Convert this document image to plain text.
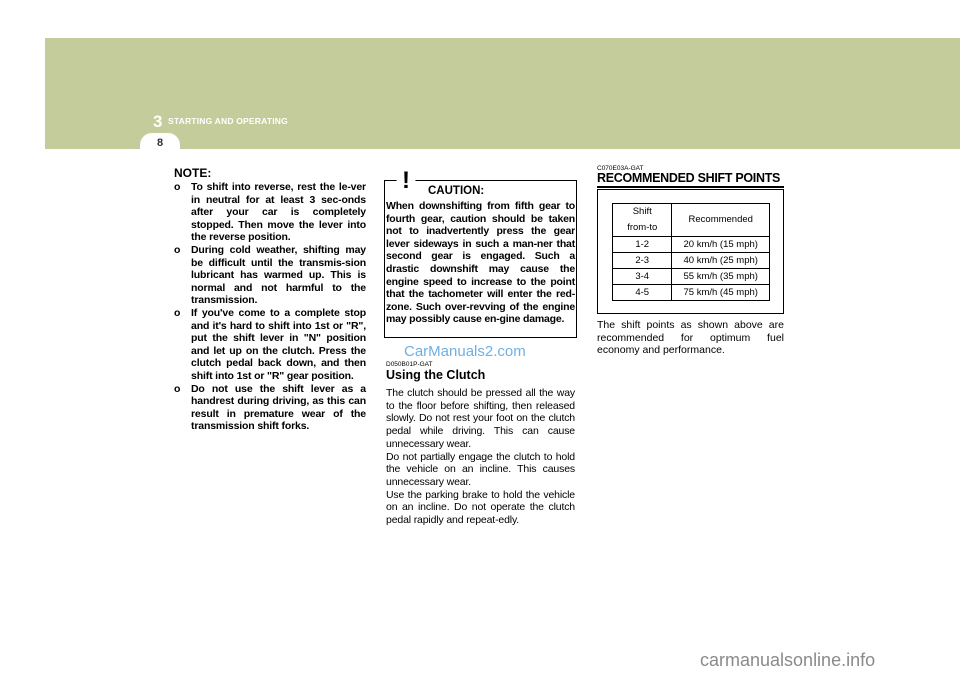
3 STARTING AND OPERATING
8
NOTE:
o To shift into reverse, rest the le-ver in neutral for at least 3 sec-onds after your car is completely stopped. Then move the lever into the reverse position.
o During cold weather, shifting may be difficult until the transmis-sion lubricant has warmed up. This is normal and not harmful to the transmission.
o If you've come to a complete stop and it's hard to shift into 1st or "R", put the shift lever in "N" position and let up on the clutch. Press the clutch pedal back down, and then shift into 1st or "R" gear position.
o Do not use the shift lever as a handrest during driving, as this can result in premature wear of the transmission shift forks.
! CAUTION:

When downshifting from fifth gear to fourth gear, caution should be taken not to inadvertently press the gear lever sideways in such a man-ner that second gear is engaged. Such a drastic downshift may cause the engine speed to increase to the point that the tachometer will enter the red-zone. Such over-revving of the engine may possibly cause en-gine damage.

CarManuals2.com
D050B01P-GAT
Using the Clutch

The clutch should be pressed all the way to the floor before shifting, then released slowly. Do not rest your foot on the clutch pedal while driving. This can cause unnecessary wear.

Do not partially engage the clutch to hold the vehicle on an incline. This causes unnecessary wear.

Use the parking brake to hold the vehicle on an incline. Do not operate the clutch pedal rapidly and repeat-edly.

C070E03A-GAT
RECOMMENDED SHIFT POINTS
Shift
from-to	Recommended
1-2	20 km/h (15 mph)
2-3	40 km/h (25 mph)
3-4	55 km/h (35 mph)
4-5	75 km/h (45 mph)

The shift points as shown above are recommended for optimum fuel economy and performance.

carmanualsonline.info
